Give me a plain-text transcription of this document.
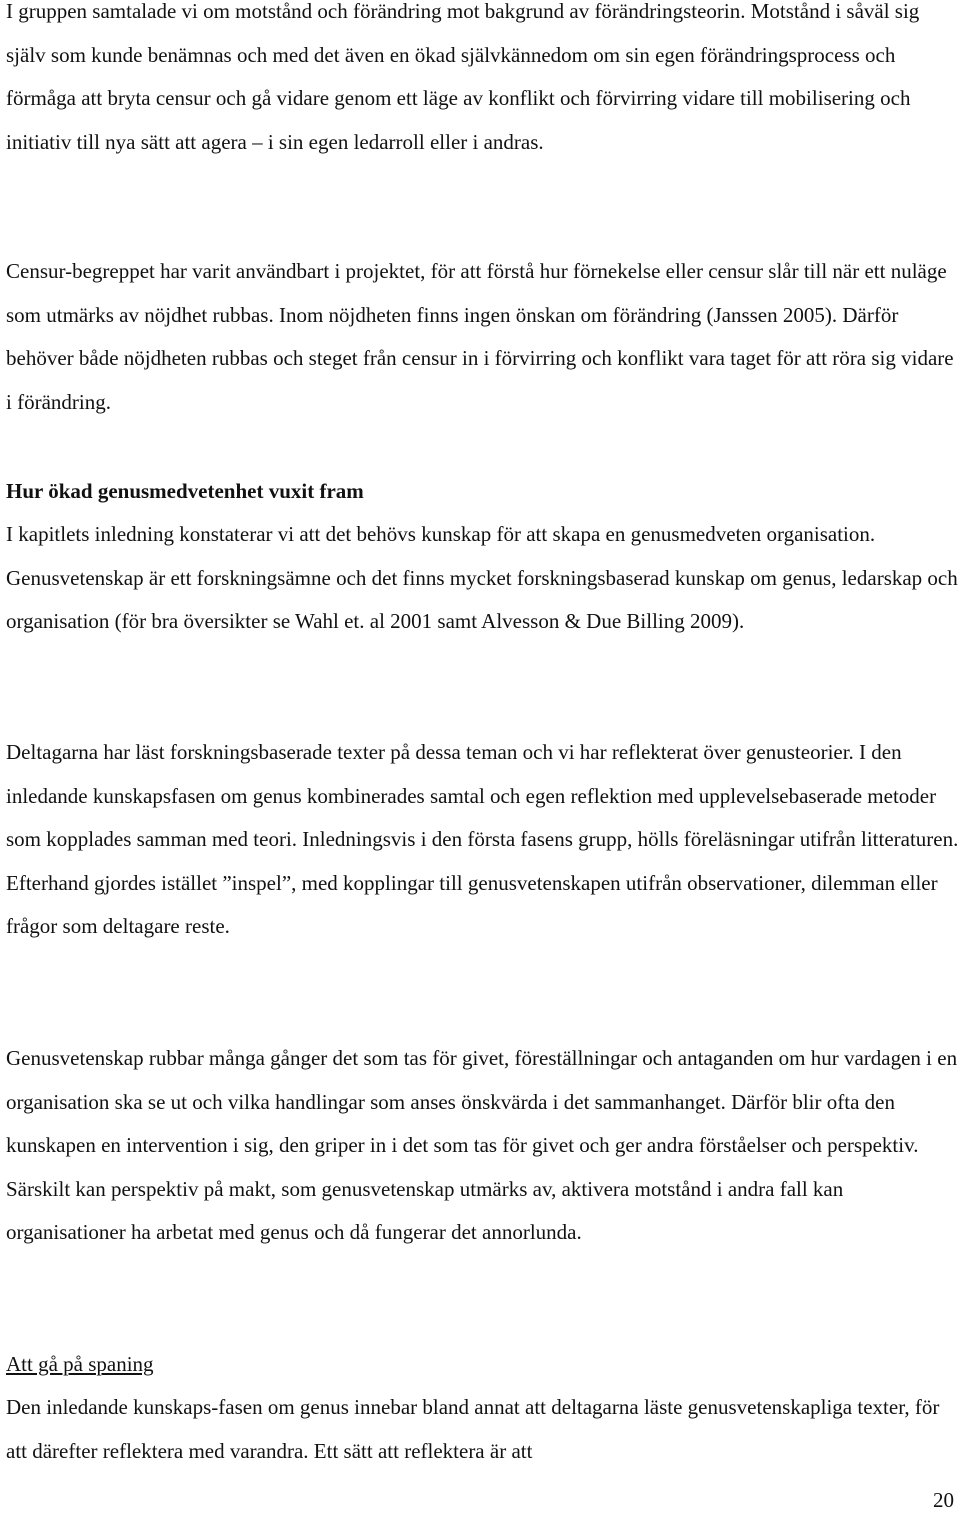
I gruppen samtalade vi om motstånd och förändring mot bakgrund av förändringsteorin. Motstånd i såväl sig själv som kunde benämnas och med det även en ökad självkännedom om sin egen förändringsprocess och förmåga att bryta censur och gå vidare genom ett läge av konflikt och förvirring vidare till mobilisering och initiativ till nya sätt att agera – i sin egen ledarroll eller i andras.

Censur-begreppet har varit användbart i projektet, för att förstå hur förnekelse eller censur slår till när ett nuläge som utmärks av nöjdhet rubbas. Inom nöjdheten finns ingen önskan om förändring (Janssen 2005). Därför behöver både nöjdheten rubbas och steget från censur in i förvirring och konflikt vara taget för att röra sig vidare i förändring.

Hur ökad genusmedvetenhet vuxit fram

I kapitlets inledning konstaterar vi att det behövs kunskap för att skapa en genusmedveten organisation. Genusvetenskap är ett forskningsämne och det finns mycket forskningsbaserad kunskap om genus, ledarskap och organisation (för bra översikter se Wahl et. al 2001 samt Alvesson & Due Billing 2009).

Deltagarna har läst forskningsbaserade texter på dessa teman och vi har reflekterat över genusteorier. I den inledande kunskapsfasen om genus kombinerades samtal och egen reflektion med upplevelsebaserade metoder som kopplades samman med teori. Inledningsvis i den första fasens grupp, hölls föreläsningar utifrån litteraturen. Efterhand gjordes istället ”inspel”, med kopplingar till genusvetenskapen utifrån observationer, dilemman eller frågor som deltagare reste.

Genusvetenskap rubbar många gånger det som tas för givet, föreställningar och antaganden om hur vardagen i en organisation ska se ut och vilka handlingar som anses önskvärda i det sammanhanget. Därför blir ofta den kunskapen en intervention i sig, den griper in i det som tas för givet och ger andra förståelser och perspektiv. Särskilt kan perspektiv på makt, som genusvetenskap utmärks av, aktivera motstånd i andra fall kan organisationer ha arbetat med genus och då fungerar det annorlunda.

Att gå på spaning

Den inledande kunskaps-fasen om genus innebar bland annat att deltagarna läste genusvetenskapliga texter, för att därefter reflektera med varandra. Ett sätt att reflektera är att

20
